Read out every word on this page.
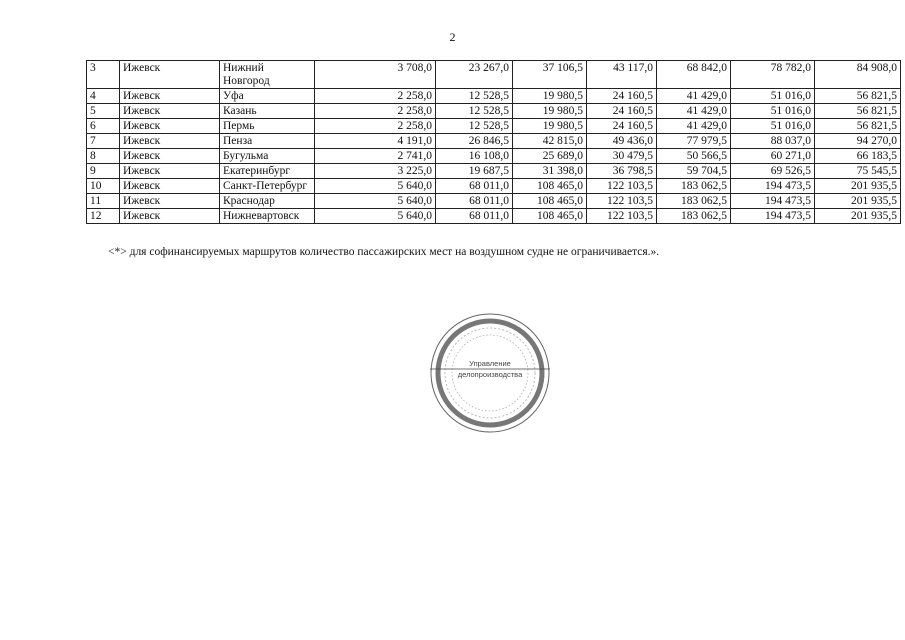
2
3	Ижевск	Нижний Новгород	3 708,0	23 267,0	37 106,5	43 117,0	68 842,0	78 782,0	84 908,0
4	Ижевск	Уфа	2 258,0	12 528,5	19 980,5	24 160,5	41 429,0	51 016,0	56 821,5
5	Ижевск	Казань	2 258,0	12 528,5	19 980,5	24 160,5	41 429,0	51 016,0	56 821,5
6	Ижевск	Пермь	2 258,0	12 528,5	19 980,5	24 160,5	41 429,0	51 016,0	56 821,5
7	Ижевск	Пенза	4 191,0	26 846,5	42 815,0	49 436,0	77 979,5	88 037,0	94 270,0
8	Ижевск	Бугульма	2 741,0	16 108,0	25 689,0	30 479,5	50 566,5	60 271,0	66 183,5
9	Ижевск	Екатеринбург	3 225,0	19 687,5	31 398,0	36 798,5	59 704,5	69 526,5	75 545,5
10	Ижевск	Санкт-Петербург	5 640,0	68 011,0	108 465,0	122 103,5	183 062,5	194 473,5	201 935,5
11	Ижевск	Краснодар	5 640,0	68 011,0	108 465,0	122 103,5	183 062,5	194 473,5	201 935,5
12	Ижевск	Нижневартовск	5 640,0	68 011,0	108 465,0	122 103,5	183 062,5	194 473,5	201 935,5
<*> для софинансируемых маршрутов количество пассажирских мест на воздушном судне не ограничивается.».
Управление
делопроизводства
